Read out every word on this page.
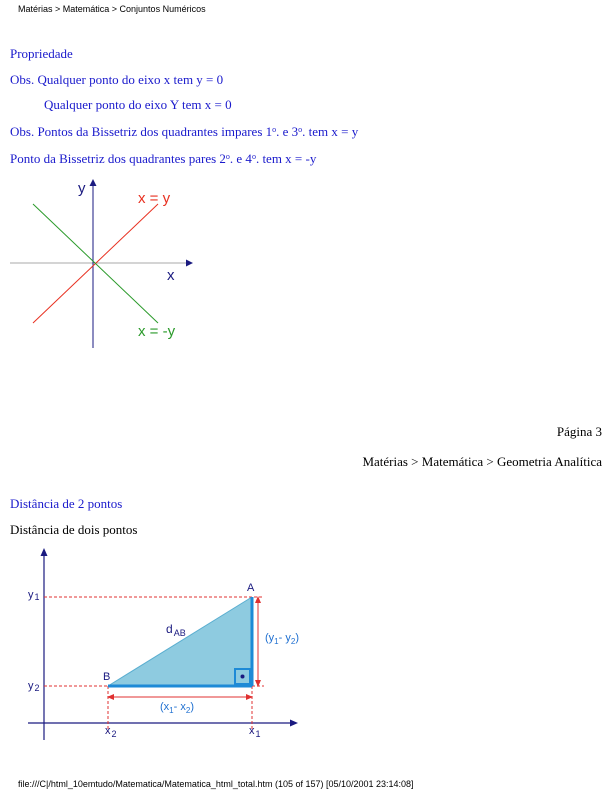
Matérias > Matemática > Conjuntos Numéricos
Propriedade
Obs. Qualquer ponto do eixo x tem y = 0
Qualquer ponto do eixo Y tem x = 0
Obs. Pontos da Bissetriz dos quadrantes impares 1$^o$. e 3$^o$. tem x = y
Ponto da Bissetriz dos quadrantes pares 2$^o$. e 4$^o$. tem x = -y
y
x
x = y
x = -y
Página 3
Matérias > Matemática > Geometria Analítica
Distância de 2 pontos
Distância de dois pontos
y1
y2
$x_2$	$x_1$
A
B
$d_{AB}$	($y_1-$ $y_2$)
($x_1-$ $x_2$)
file:///C|/html_10emtudo/Matematica/Matematica_html_total.htm (105 of 157) [05/10/2001 23:14:08]
